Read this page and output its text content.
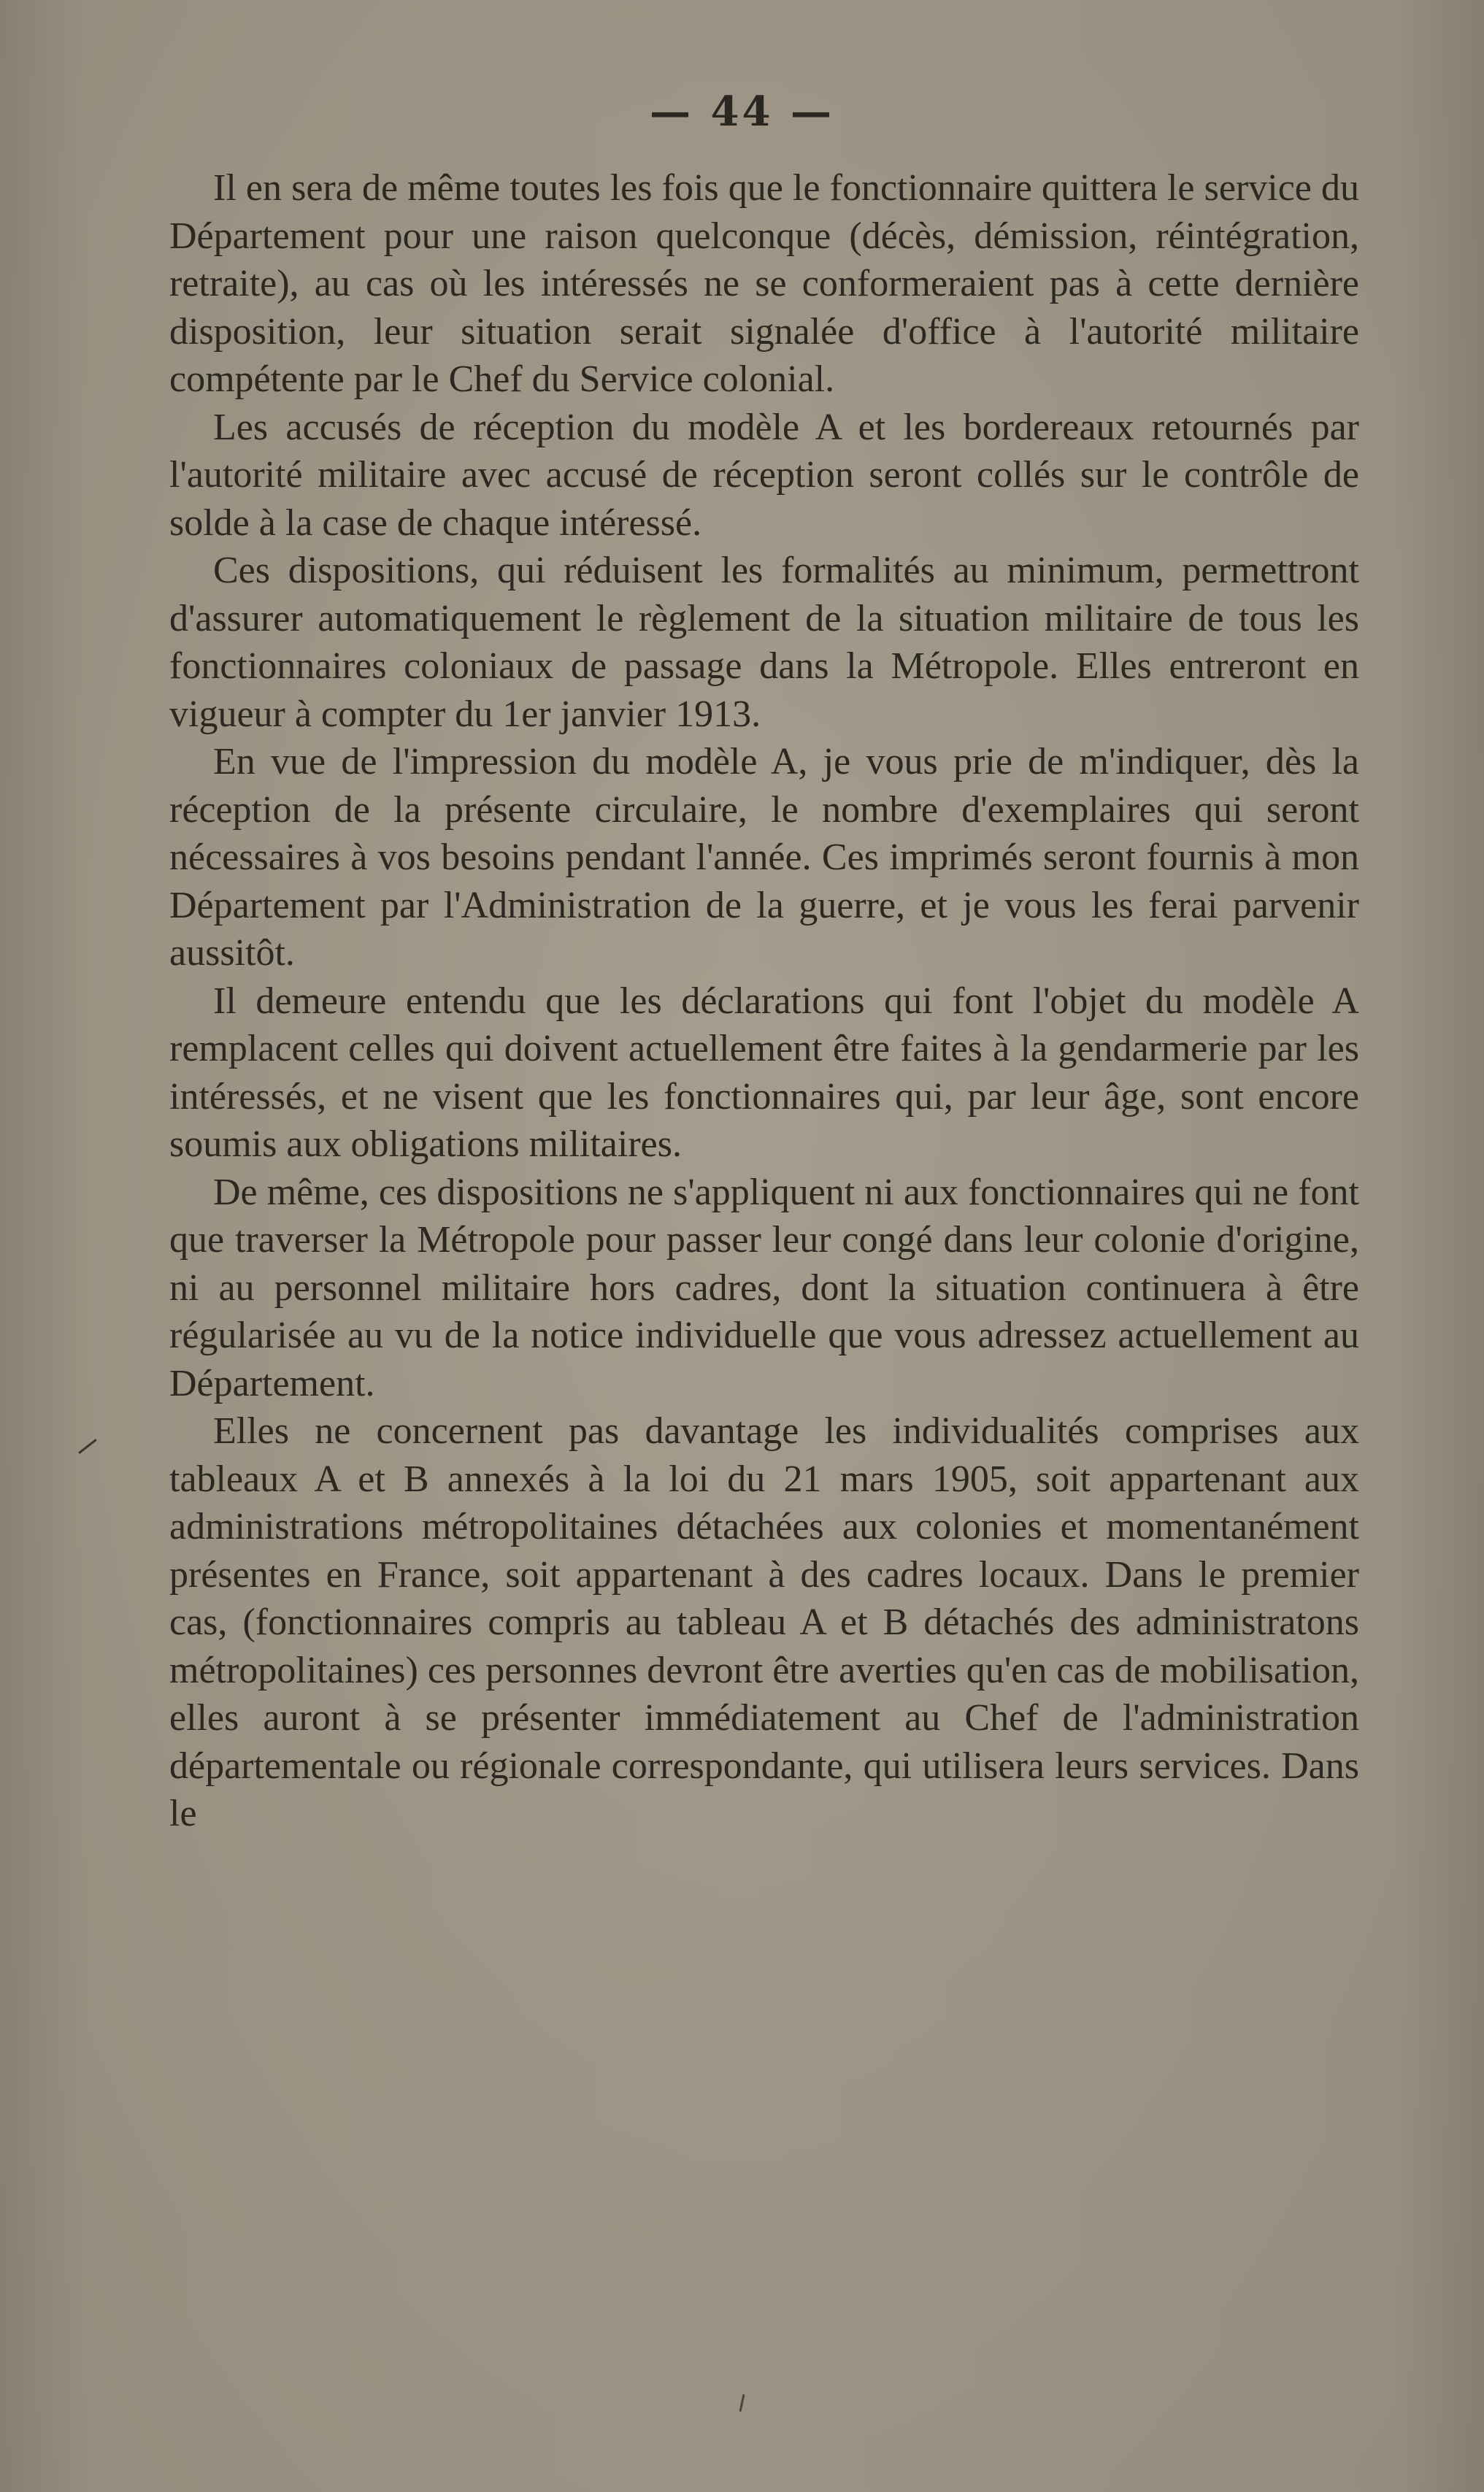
— 44 —

Il en sera de même toutes les fois que le fonctionnaire quittera le service du Département pour une raison quelconque (décès, démission, réintégration, retraite), au cas où les intéressés ne se conformeraient pas à cette dernière disposition, leur situation serait signalée d'office à l'autorité militaire compétente par le Chef du Service colonial.

Les accusés de réception du modèle A et les bordereaux retournés par l'autorité militaire avec accusé de réception seront collés sur le contrôle de solde à la case de chaque intéressé.

Ces dispositions, qui réduisent les formalités au minimum, permettront d'assurer automatiquement le règlement de la situation militaire de tous les fonctionnaires coloniaux de passage dans la Métropole. Elles entreront en vigueur à compter du 1er janvier 1913.

En vue de l'impression du modèle A, je vous prie de m'indiquer, dès la réception de la présente circulaire, le nombre d'exemplaires qui seront nécessaires à vos besoins pendant l'année. Ces imprimés seront fournis à mon Département par l'Administration de la guerre, et je vous les ferai parvenir aussitôt.

Il demeure entendu que les déclarations qui font l'objet du modèle A remplacent celles qui doivent actuellement être faites à la gendarmerie par les intéressés, et ne visent que les fonctionnaires qui, par leur âge, sont encore soumis aux obligations militaires.

De même, ces dispositions ne s'appliquent ni aux fonctionnaires qui ne font que traverser la Métropole pour passer leur congé dans leur colonie d'origine, ni au personnel militaire hors cadres, dont la situation continuera à être régularisée au vu de la notice individuelle que vous adressez actuellement au Département.

Elles ne concernent pas davantage les individualités comprises aux tableaux A et B annexés à la loi du 21 mars 1905, soit appartenant aux administrations métropolitaines détachées aux colonies et momentanément présentes en France, soit appartenant à des cadres locaux. Dans le premier cas, (fonctionnaires compris au tableau A et B détachés des administratons métropolitaines) ces personnes devront être averties qu'en cas de mobilisation, elles auront à se présenter immédiatement au Chef de l'administration départementale ou régionale correspondante, qui utilisera leurs services. Dans le
